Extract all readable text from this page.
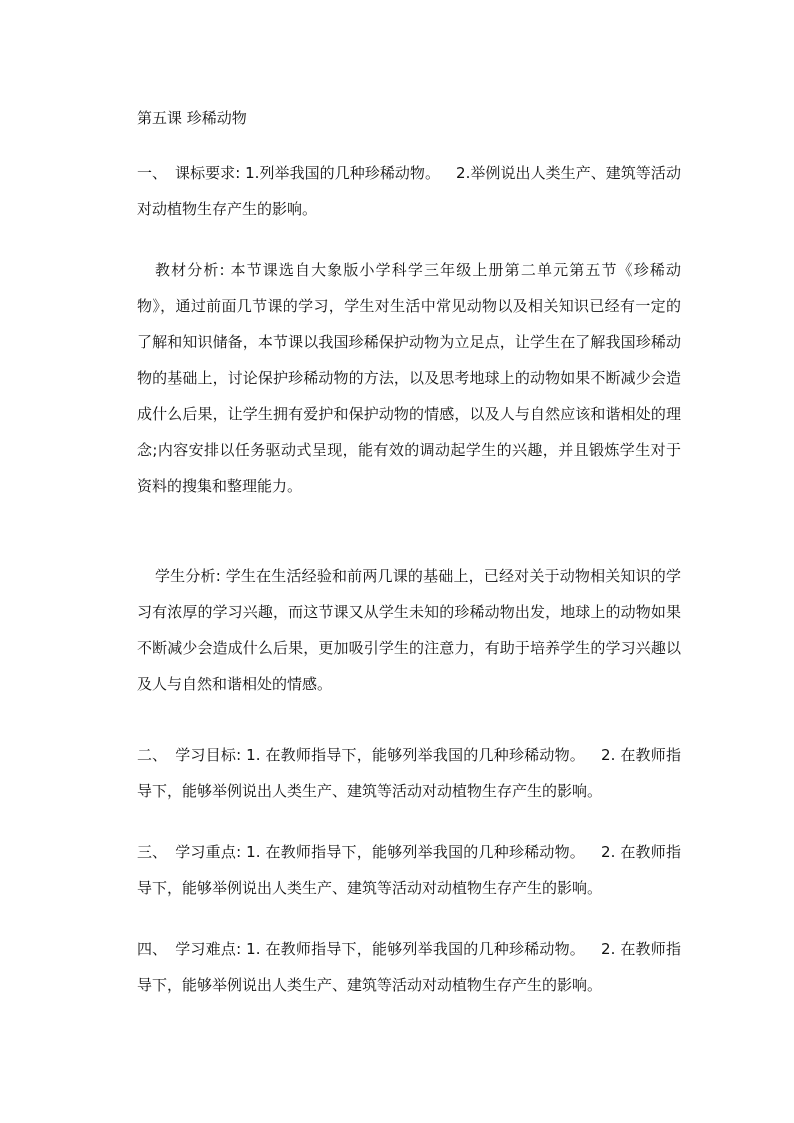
第五课 珍稀动物

一、 课标要求: 1.列举我国的几种珍稀动物。 2.举例说出人类生产、建筑等活动对动植物生存产生的影响。

教材分析: 本节课选自大象版小学科学三年级上册第二单元第五节《珍稀动物》，通过前面几节课的学习，学生对生活中常见动物以及相关知识已经有一定的了解和知识储备，本节课以我国珍稀保护动物为立足点，让学生在了解我国珍稀动物的基础上，讨论保护珍稀动物的方法，以及思考地球上的动物如果不断减少会造成什么后果，让学生拥有爱护和保护动物的情感，以及人与自然应该和谐相处的理念;内容安排以任务驱动式呈现，能有效的调动起学生的兴趣，并且锻炼学生对于资料的搜集和整理能力。

学生分析: 学生在生活经验和前两几课的基础上，已经对关于动物相关知识的学习有浓厚的学习兴趣，而这节课又从学生未知的珍稀动物出发，地球上的动物如果不断减少会造成什么后果，更加吸引学生的注意力，有助于培养学生的学习兴趣以及人与自然和谐相处的情感。

二、 学习目标: 1. 在教师指导下，能够列举我国的几种珍稀动物。 2. 在教师指导下，能够举例说出人类生产、建筑等活动对动植物生存产生的影响。

三、 学习重点: 1. 在教师指导下，能够列举我国的几种珍稀动物。 2. 在教师指导下，能够举例说出人类生产、建筑等活动对动植物生存产生的影响。

四、 学习难点: 1. 在教师指导下，能够列举我国的几种珍稀动物。 2. 在教师指导下，能够举例说出人类生产、建筑等活动对动植物生存产生的影响。
